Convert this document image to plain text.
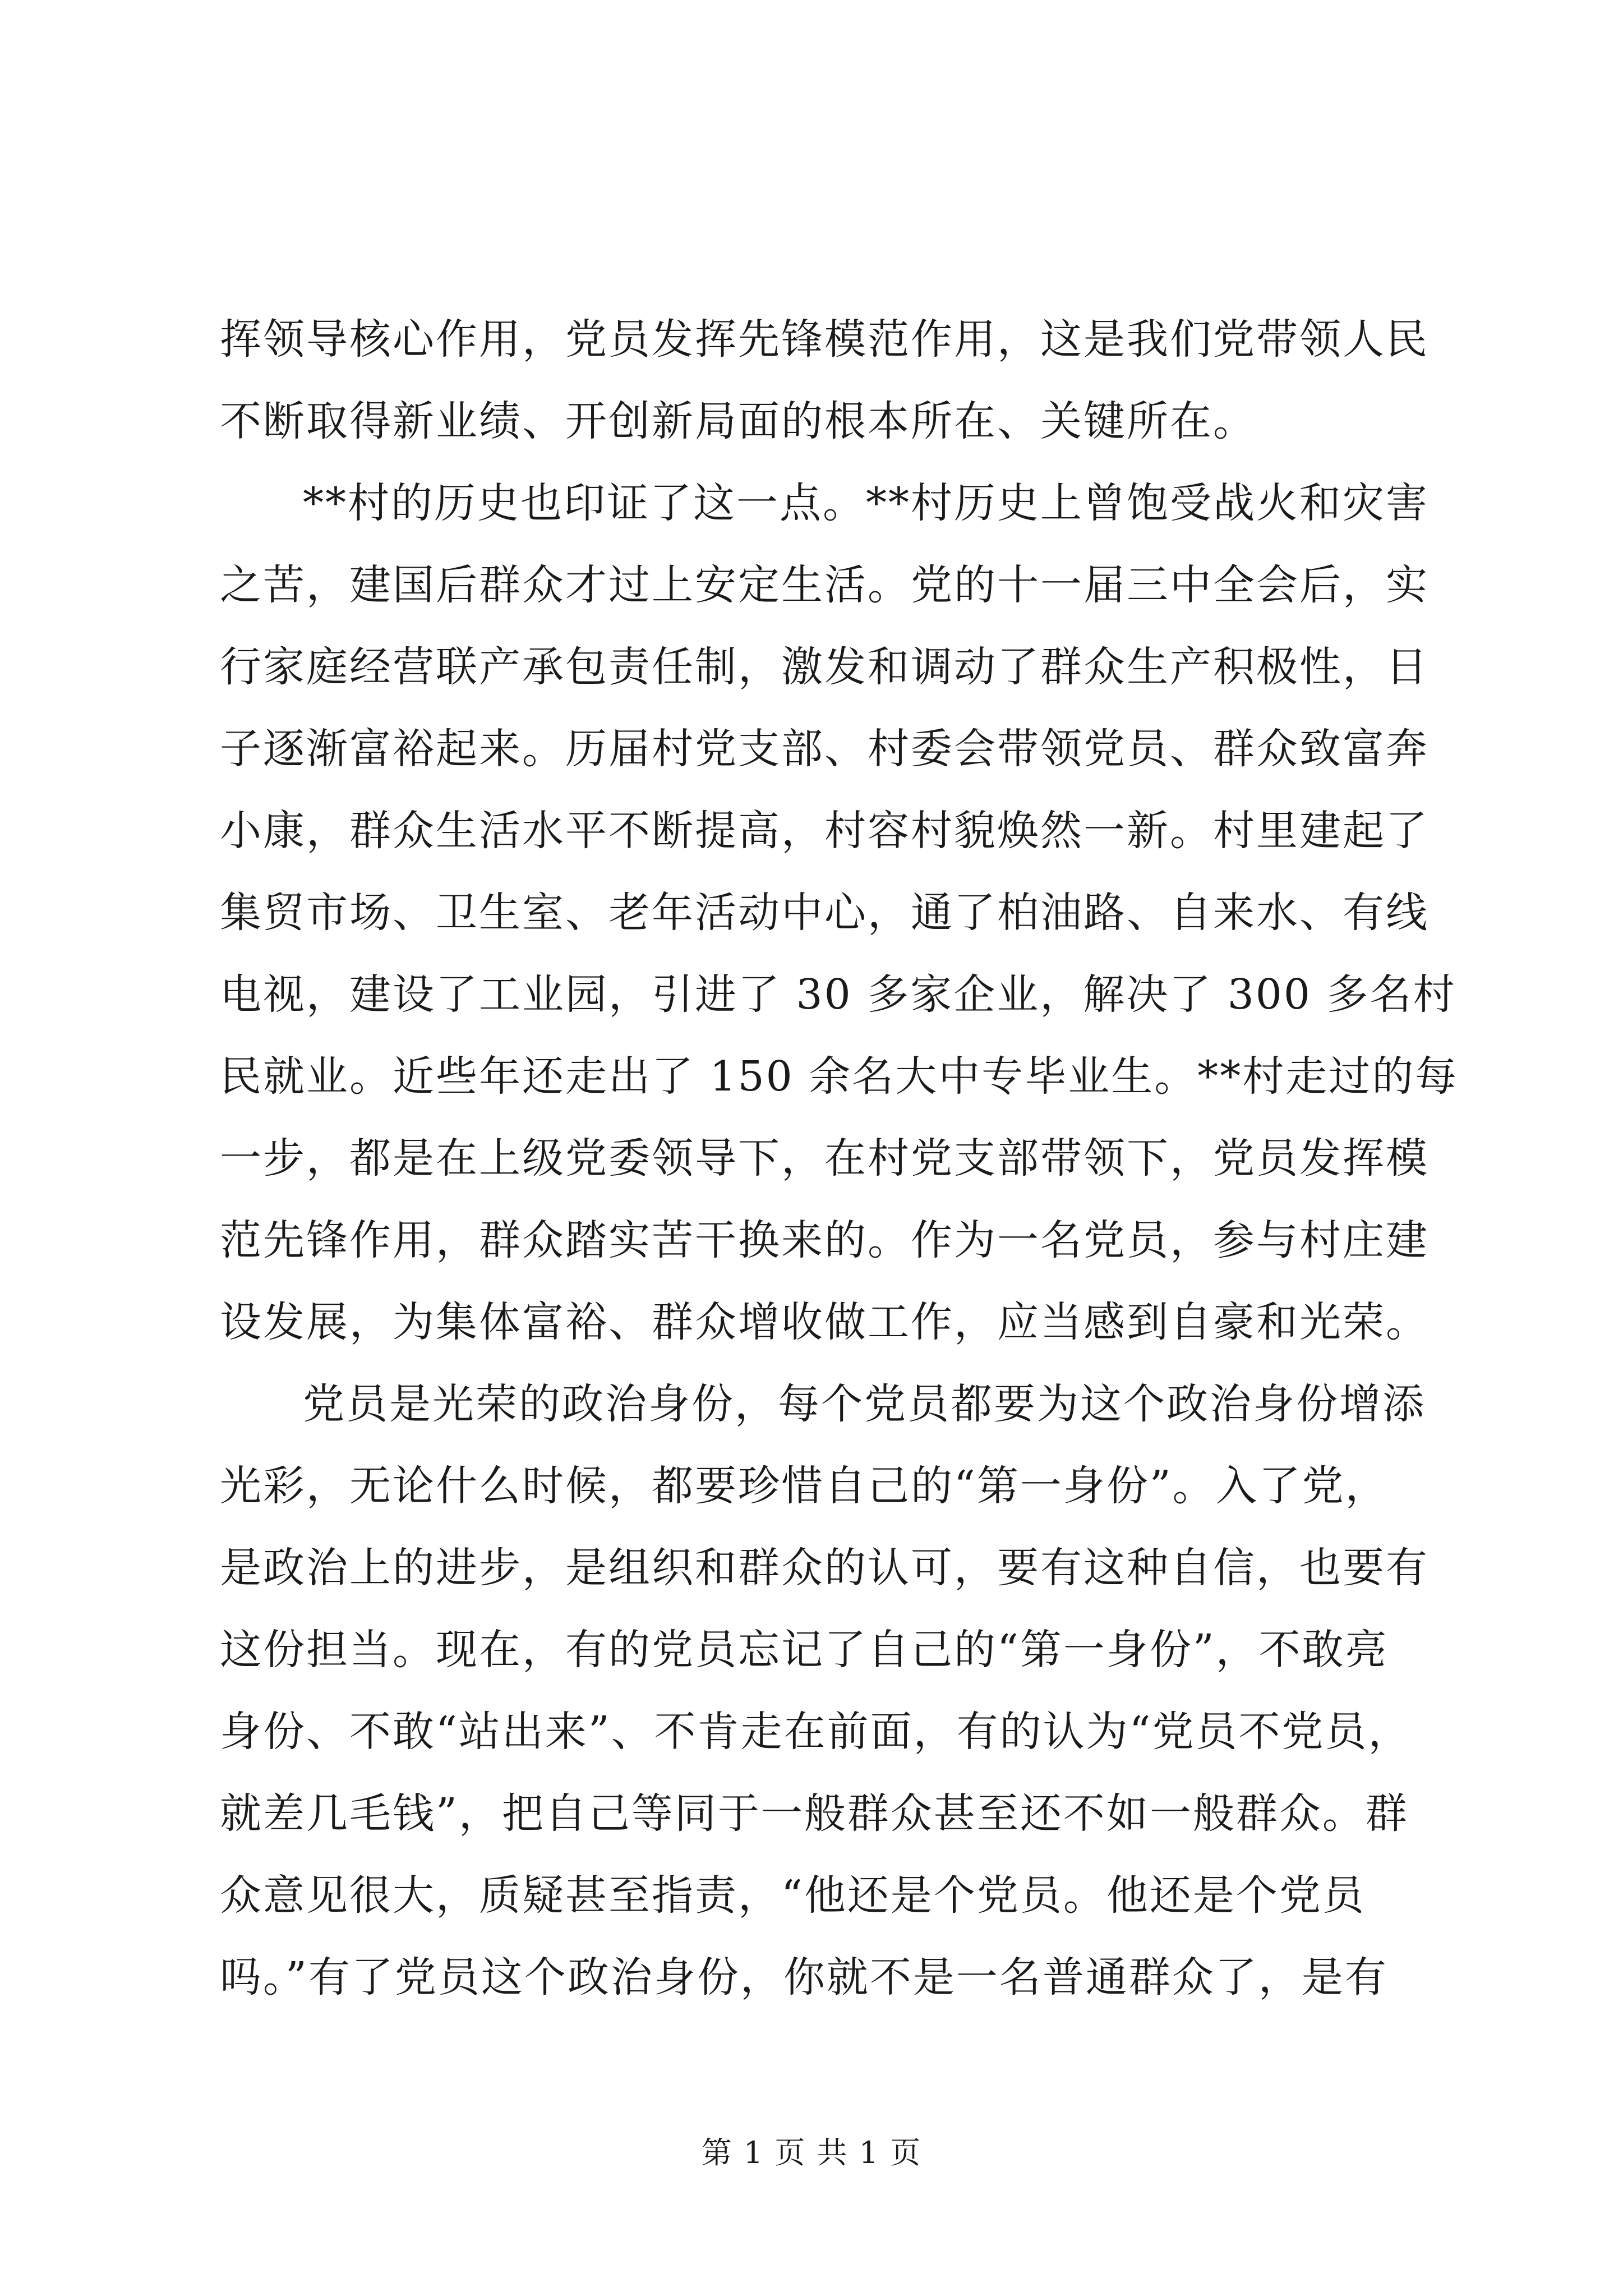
挥领导核心作用，党员发挥先锋模范作用，这是我们党带领人民
不断取得新业绩、开创新局面的根本所在、关键所在。
**村的历史也印证了这一点。**村历史上曾饱受战火和灾害
之苦，建国后群众才过上安定生活。党的十一届三中全会后，实
行家庭经营联产承包责任制，激发和调动了群众生产积极性，日
子逐渐富裕起来。历届村党支部、村委会带领党员、群众致富奔
小康，群众生活水平不断提高，村容村貌焕然一新。村里建起了
集贸市场、卫生室、老年活动中心，通了柏油路、自来水、有线
电视，建设了工业园，引进了 30 多家企业，解决了 300 多名村
民就业。近些年还走出了 150 余名大中专毕业生。**村走过的每
一步，都是在上级党委领导下，在村党支部带领下，党员发挥模
范先锋作用，群众踏实苦干换来的。作为一名党员，参与村庄建
设发展，为集体富裕、群众增收做工作，应当感到自豪和光荣。
党员是光荣的政治身份，每个党员都要为这个政治身份增添
光彩，无论什么时候，都要珍惜自己的“第一身份”。入了党，
是政治上的进步，是组织和群众的认可，要有这种自信，也要有
这份担当。现在，有的党员忘记了自己的“第一身份”，不敢亮
身份、不敢“站出来”、不肯走在前面，有的认为“党员不党员，
就差几毛钱”，把自己等同于一般群众甚至还不如一般群众。群
众意见很大，质疑甚至指责，“他还是个党员。他还是个党员
吗。”有了党员这个政治身份，你就不是一名普通群众了，是有
第 1 页 共 1 页
